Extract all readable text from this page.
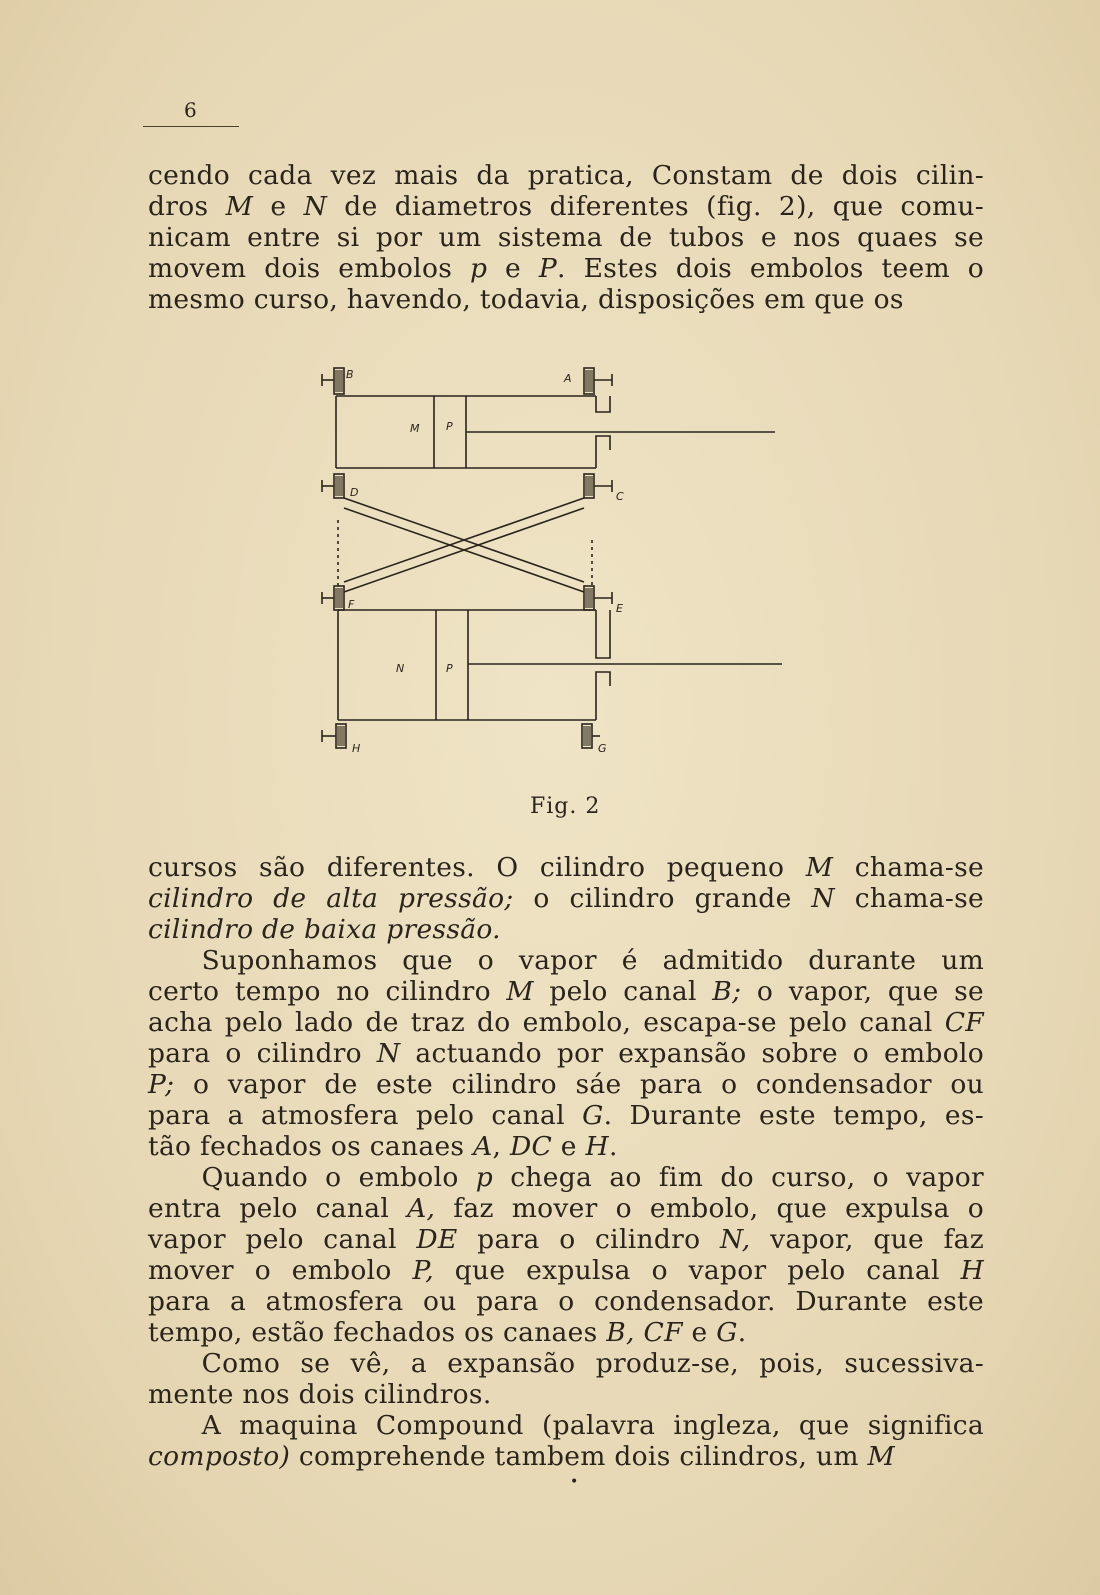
6
cendo cada vez mais da pratica, Constam de dois cilin-
dros M e N de diametros diferentes (fig. 2), que comu-
nicam entre si por um sistema de tubos e nos quaes se
movem dois embolos p e P. Estes dois embolos teem o
mesmo curso, havendo, todavia, disposições em que os
B	A
M P
D	C
F	E
N	P
H	G
Fig. 2
cursos são diferentes. O cilindro pequeno M chama-se
cilindro de alta pressão; o cilindro grande N chama-se
cilindro de baixa pressão.
  Suponhamos que o vapor é admitido durante um
certo tempo no cilindro M pelo canal B; o vapor, que se
acha pelo lado de traz do embolo, escapa-se pelo canal CF
para o cilindro N actuando por expansão sobre o embolo
P; o vapor de este cilindro sáe para o condensador ou
para a atmosfera pelo canal G. Durante este tempo, es-
tão fechados os canaes A, DC e H.
  Quando o embolo p chega ao fim do curso, o vapor
entra pelo canal A, faz mover o embolo, que expulsa o
vapor pelo canal DE para o cilindro N, vapor, que faz
mover o embolo P, que expulsa o vapor pelo canal H
para a atmosfera ou para o condensador. Durante este
tempo, estão fechados os canaes B, CF e G.
  Como se vê, a expansão produz-se, pois, sucessiva-
mente nos dois cilindros.
  A maquina Compound (palavra ingleza, que significa
composto) comprehende tambem dois cilindros, um M
•
